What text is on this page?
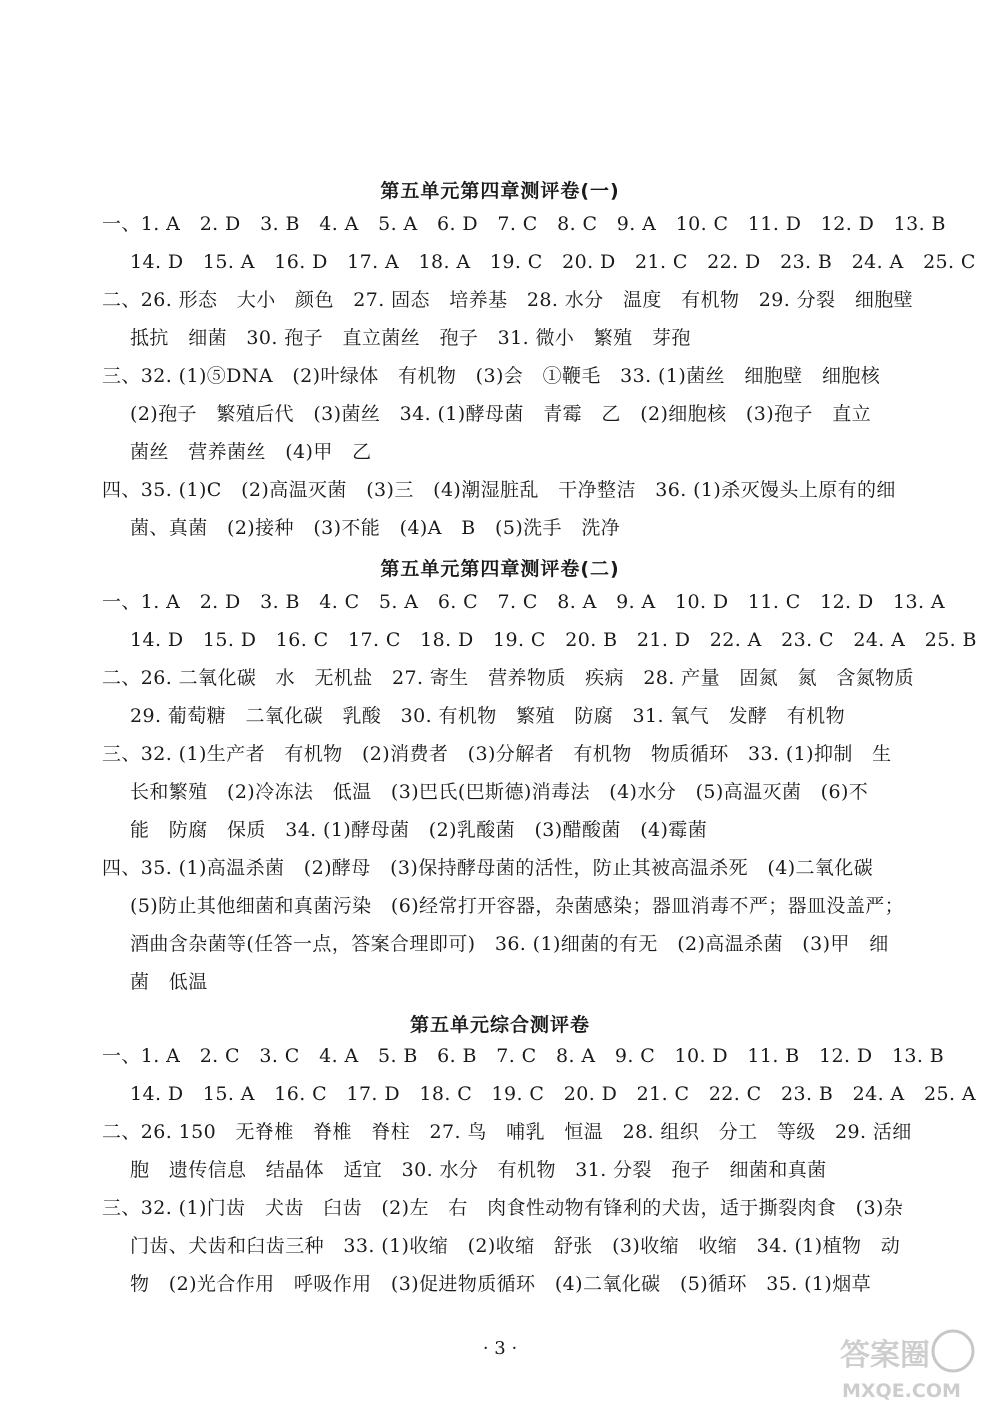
第五单元第四章测评卷(一)
一、1. A　2. D　3. B　4. A　5. A　6. D　7. C　8. C　9. A　10. C　11. D　12. D　13. B
14. D　15. A　16. D　17. A　18. A　19. C　20. D　21. C　22. D　23. B　24. A　25. C
二、26. 形态　大小　颜色　27. 固态　培养基　28. 水分　温度　有机物　29. 分裂　细胞壁
抵抗　细菌　30. 孢子　直立菌丝　孢子　31. 微小　繁殖　芽孢
三、32. (1)⑤DNA　(2)叶绿体　有机物　(3)会　①鞭毛　33. (1)菌丝　细胞壁　细胞核
(2)孢子　繁殖后代　(3)菌丝　34. (1)酵母菌　青霉　乙　(2)细胞核　(3)孢子　直立
菌丝　营养菌丝　(4)甲　乙
四、35. (1)C　(2)高温灭菌　(3)三　(4)潮湿脏乱　干净整洁　36. (1)杀灭馒头上原有的细
菌、真菌　(2)接种　(3)不能　(4)A　B　(5)洗手　洗净
第五单元第四章测评卷(二)
一、1. A　2. D　3. B　4. C　5. A　6. C　7. C　8. A　9. A　10. D　11. C　12. D　13. A
14. D　15. D　16. C　17. C　18. D　19. C　20. B　21. D　22. A　23. C　24. A　25. B
二、26. 二氧化碳　水　无机盐　27. 寄生　营养物质　疾病　28. 产量　固氮　氮　含氮物质
29. 葡萄糖　二氧化碳　乳酸　30. 有机物　繁殖　防腐　31. 氧气　发酵　有机物
三、32. (1)生产者　有机物　(2)消费者　(3)分解者　有机物　物质循环　33. (1)抑制　生
长和繁殖　(2)冷冻法　低温　(3)巴氏(巴斯德)消毒法　(4)水分　(5)高温灭菌　(6)不
能　防腐　保质　34. (1)酵母菌　(2)乳酸菌　(3)醋酸菌　(4)霉菌
四、35. (1)高温杀菌　(2)酵母　(3)保持酵母菌的活性，防止其被高温杀死　(4)二氧化碳
(5)防止其他细菌和真菌污染　(6)经常打开容器，杂菌感染；器皿消毒不严；器皿没盖严；
酒曲含杂菌等(任答一点，答案合理即可)　36. (1)细菌的有无　(2)高温杀菌　(3)甲　细
菌　低温
第五单元综合测评卷
一、1. A　2. C　3. C　4. A　5. B　6. B　7. C　8. A　9. C　10. D　11. B　12. D　13. B
14. D　15. A　16. C　17. D　18. C　19. C　20. D　21. C　22. C　23. B　24. A　25. A
二、26. 150　无脊椎　脊椎　脊柱　27. 鸟　哺乳　恒温　28. 组织　分工　等级　29. 活细
胞　遗传信息　结晶体　适宜　30. 水分　有机物　31. 分裂　孢子　细菌和真菌
三、32. (1)门齿　犬齿　臼齿　(2)左　右　肉食性动物有锋利的犬齿，适于撕裂肉食　(3)杂
门齿、犬齿和臼齿三种　33. (1)收缩　(2)收缩　舒张　(3)收缩　收缩　34. (1)植物　动
物　(2)光合作用　呼吸作用　(3)促进物质循环　(4)二氧化碳　(5)循环　35. (1)烟草
· 3 ·	答案圈
MXQE.COM
